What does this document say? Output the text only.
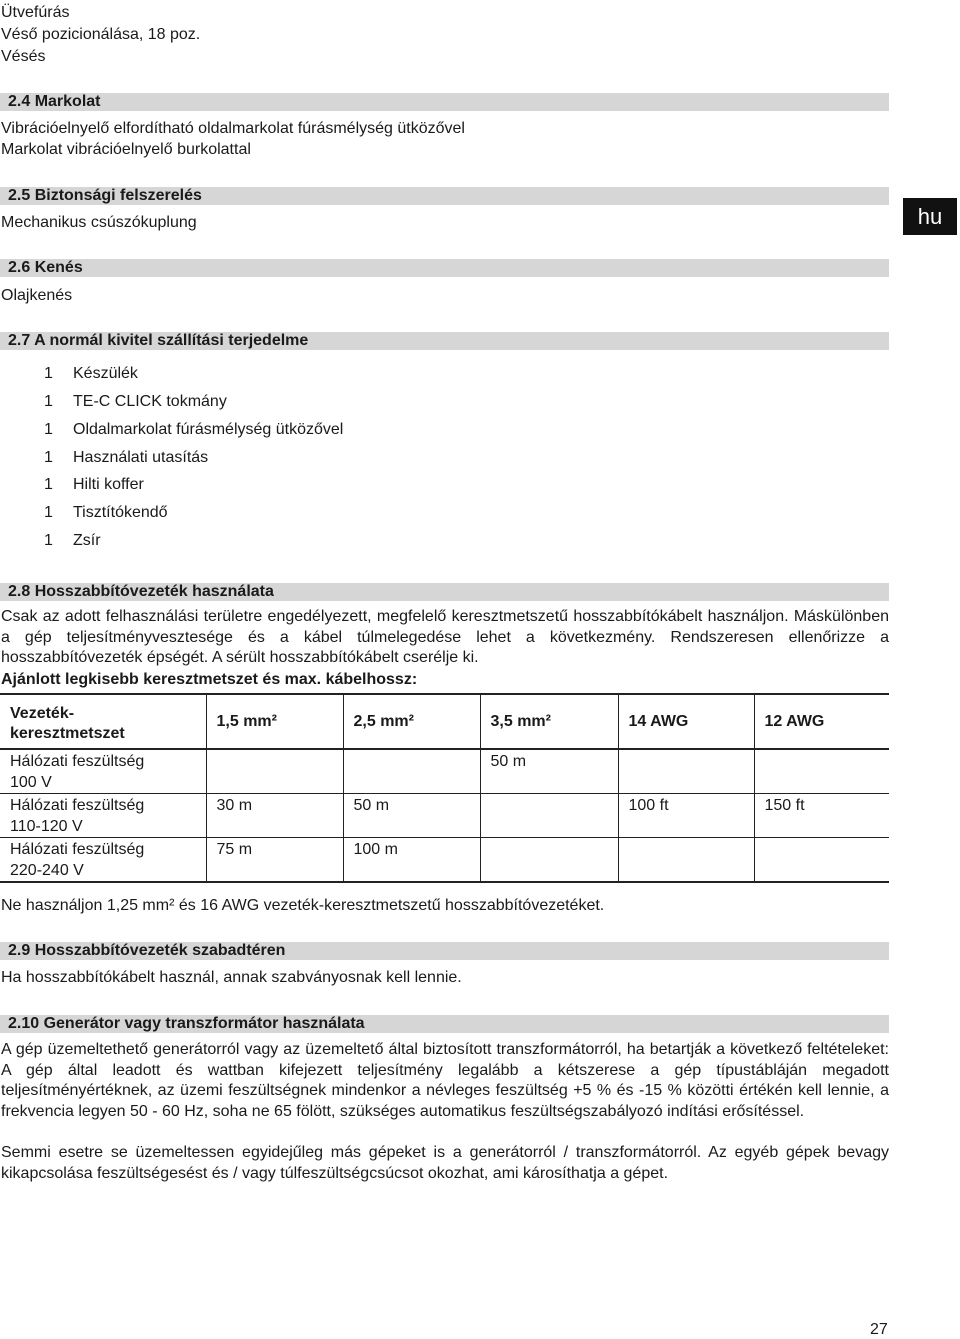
Ütvefúrás
Véső pozicionálása, 18 poz.
Vésés
2.4 Markolat
Vibrációelnyelő elfordítható oldalmarkolat fúrásmélység ütközővel
Markolat vibrációelnyelő burkolattal
2.5 Biztonsági felszerelés
Mechanikus csúszókuplung	hu
2.6 Kenés
Olajkenés
2.7 A normál kivitel szállítási terjedelme
1 Készülék
1 TE-C CLICK tokmány
1 Oldalmarkolat fúrásmélység ütközővel
1 Használati utasítás
1 Hilti koffer
1 Tisztítókendő
1 Zsír
2.8 Hosszabbítóvezeték használata
Csak az adott felhasználási területre engedélyezett, megfelelő keresztmetszetű hosszabbítókábelt használjon. Máskülönben a gép teljesítményvesztesége és a kábel túlmelegedése lehet a következmény. Rendszeresen ellenőrizze a hosszabbítóvezeték épségét. A sérült hosszabbítókábelt cserélje ki.
Ajánlott legkisebb keresztmetszet és max. kábelhossz:
Vezeték-
keresztmetszet	1,5 mm²	2,5 mm²	3,5 mm²	14 AWG	12 AWG
Hálózati feszültség
100 V			50 m		
Hálózati feszültség
110-120 V	30 m	50 m		100 ft	150 ft
Hálózati feszültség
220-240 V	75 m	100 m			
Ne használjon 1,25 mm² és 16 AWG vezeték-keresztmetszetű hosszabbítóvezetéket.
2.9 Hosszabbítóvezeték szabadtéren
Ha hosszabbítókábelt használ, annak szabványosnak kell lennie.
2.10 Generátor vagy transzformátor használata
A gép üzemeltethető generátorról vagy az üzemeltető által biztosított transzformátorról, ha betartják a következő feltételeket: A gép által leadott és wattban kifejezett teljesítmény legalább a kétszerese a gép típustábláján megadott teljesítményértéknek, az üzemi feszültségnek mindenkor a névleges feszültség +5 % és -15 % közötti értékén kell lennie, a frekvencia legyen 50 - 60 Hz, soha ne 65 fölött, szükséges automatikus feszültségszabályozó indítási erősítéssel.
Semmi esetre se üzemeltessen egyidejűleg más gépeket is a generátorról / transzformátorról. Az egyéb gépek bevagy kikapcsolása feszültségesést és / vagy túlfeszültségcsúcsot okozhat, ami károsíthatja a gépet.
27
